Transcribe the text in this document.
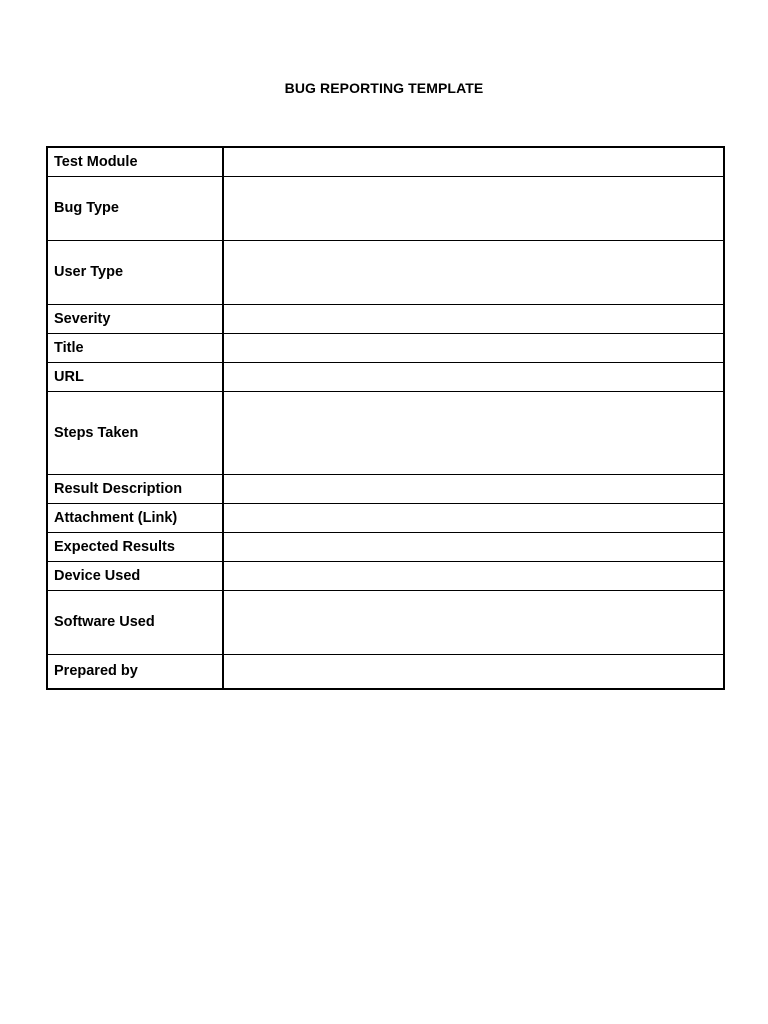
BUG REPORTING TEMPLATE
Test Module	
Bug Type	
User Type	
Severity	
Title	
URL	
Steps Taken	
Result Description	
Attachment (Link)	
Expected Results	
Device Used	
Software Used	
Prepared by	
